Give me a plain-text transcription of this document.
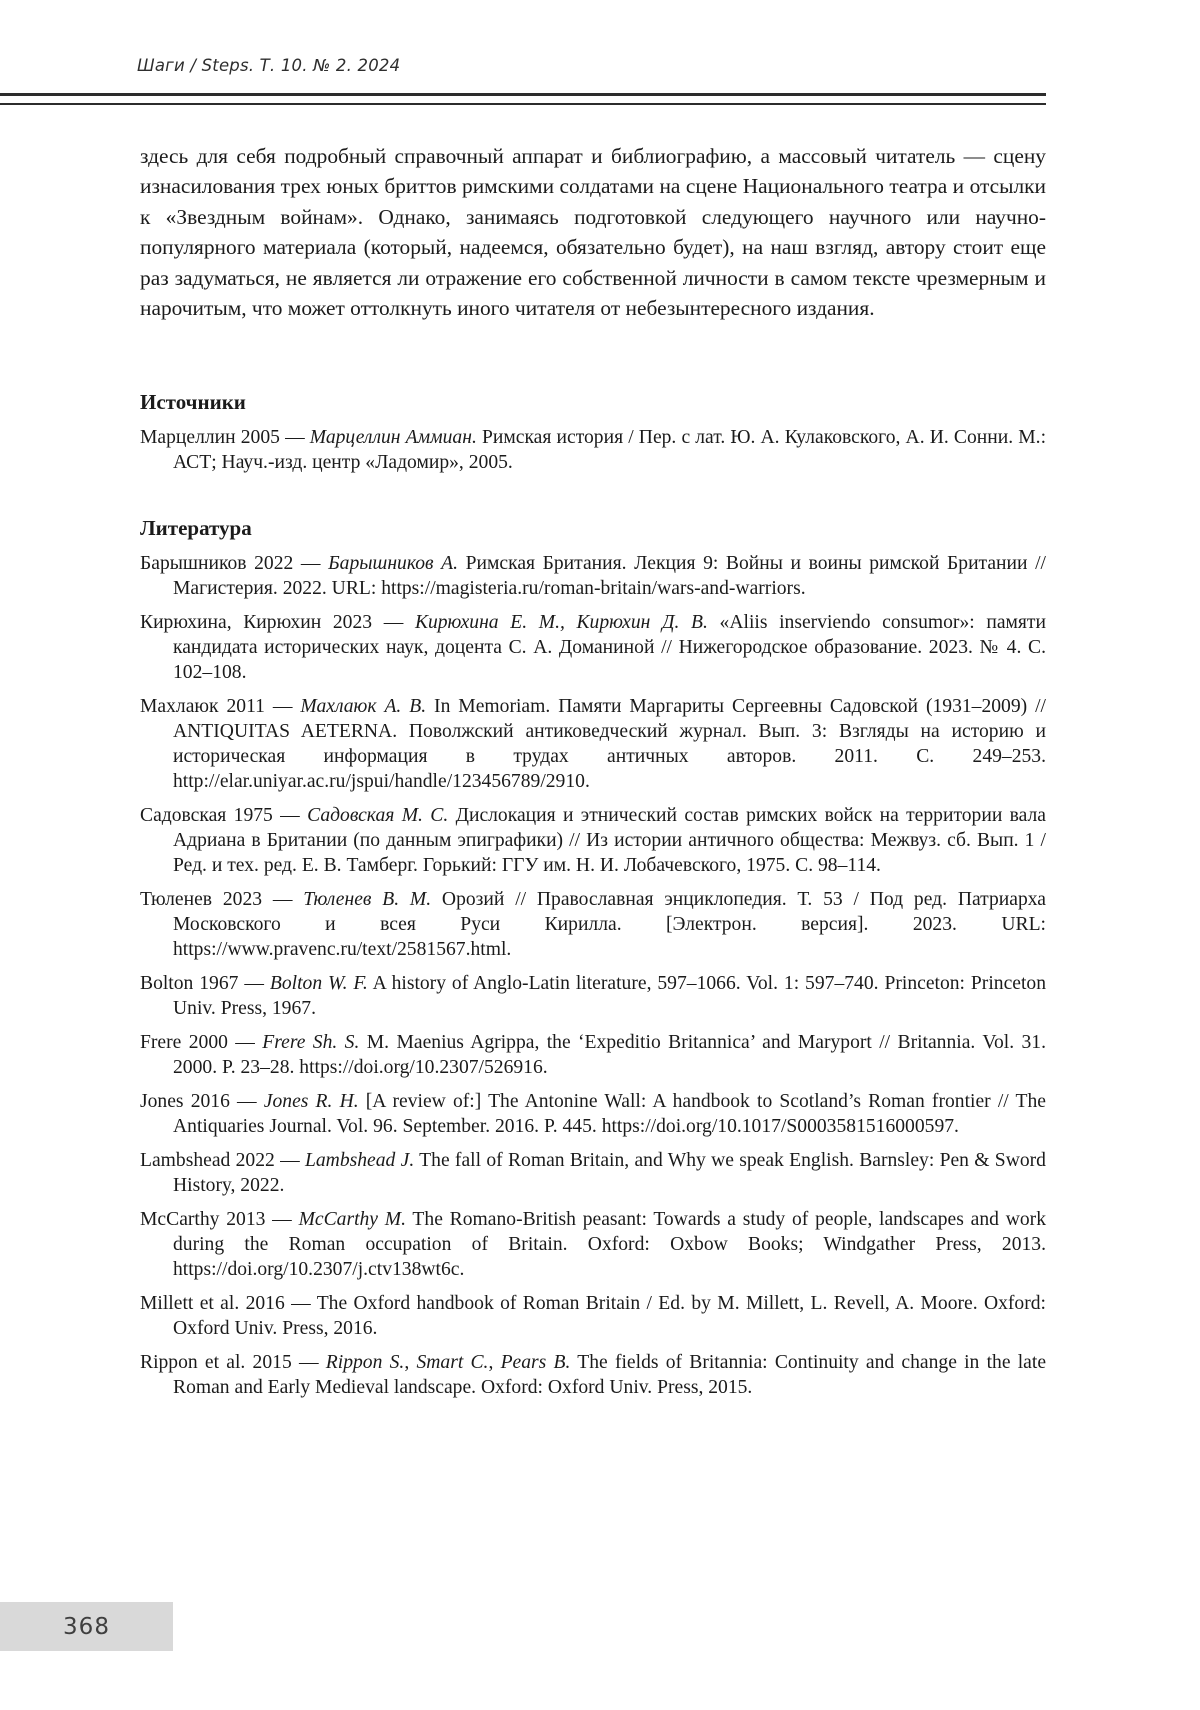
Шаги / Steps. Т. 10. № 2. 2024

здесь для себя подробный справочный аппарат и библиографию, а массовый читатель — сцену изнасилования трех юных бриттов римскими солдатами на сцене Национального театра и отсылки к «Звездным войнам». Однако, занимаясь подготовкой следующего научного или научно-популярного материала (который, надеемся, обязательно будет), на наш взгляд, автору стоит еще раз задуматься, не является ли отражение его собственной личности в самом тексте чрезмерным и нарочитым, что может оттолкнуть иного читателя от небезынтересного издания.

Источники

Марцеллин 2005 — Марцеллин Аммиан. Римская история / Пер. с лат. Ю. А. Кулаковского, А. И. Сонни. М.: АСТ; Науч.-изд. центр «Ладомир», 2005.

Литература

Барышников 2022 — Барышников А. Римская Британия. Лекция 9: Войны и воины римской Британии // Магистерия. 2022. URL: https://magisteria.ru/roman-britain/wars-and-warriors.

Кирюхина, Кирюхин 2023 — Кирюхина Е. М., Кирюхин Д. В. «Aliis inserviendo consumor»: памяти кандидата исторических наук, доцента С. А. Доманиной // Нижегородское образование. 2023. № 4. С. 102–108.

Махлаюк 2011 — Махлаюк А. В. In Memoriam. Памяти Маргариты Сергеевны Садовской (1931–2009) // ANTIQUITAS AETERNA. Поволжский антиковедческий журнал. Вып. 3: Взгляды на историю и историческая информация в трудах античных авторов. 2011. С. 249–253. http://elar.uniyar.ac.ru/jspui/handle/123456789/2910.

Садовская 1975 — Садовская М. С. Дислокация и этнический состав римских войск на территории вала Адриана в Британии (по данным эпиграфики) // Из истории античного общества: Межвуз. сб. Вып. 1 / Ред. и тех. ред. Е. В. Тамберг. Горький: ГГУ им. Н. И. Лобачевского, 1975. С. 98–114.

Тюленев 2023 — Тюленев В. М. Орозий // Православная энциклопедия. Т. 53 / Под ред. Патриарха Московского и всея Руси Кирилла. [Электрон. версия]. 2023. URL: https://www.pravenc.ru/text/2581567.html.

Bolton 1967 — Bolton W. F. A history of Anglo-Latin literature, 597–1066. Vol. 1: 597–740. Princeton: Princeton Univ. Press, 1967.

Frere 2000 — Frere Sh. S. M. Maenius Agrippa, the ‘Expeditio Britannica’ and Maryport // Britannia. Vol. 31. 2000. P. 23–28. https://doi.org/10.2307/526916.

Jones 2016 — Jones R. H. [A review of:] The Antonine Wall: A handbook to Scotland’s Roman frontier // The Antiquaries Journal. Vol. 96. September. 2016. P. 445. https://doi.org/10.1017/S0003581516000597.

Lambshead 2022 — Lambshead J. The fall of Roman Britain, and Why we speak English. Barnsley: Pen & Sword History, 2022.

McCarthy 2013 — McCarthy M. The Romano-British peasant: Towards a study of people, landscapes and work during the Roman occupation of Britain. Oxford: Oxbow Books; Windgather Press, 2013. https://doi.org/10.2307/j.ctv138wt6c.

Millett et al. 2016 — The Oxford handbook of Roman Britain / Ed. by M. Millett, L. Revell, A. Moore. Oxford: Oxford Univ. Press, 2016.

Rippon et al. 2015 — Rippon S., Smart C., Pears B. The fields of Britannia: Continuity and change in the late Roman and Early Medieval landscape. Oxford: Oxford Univ. Press, 2015.

368
